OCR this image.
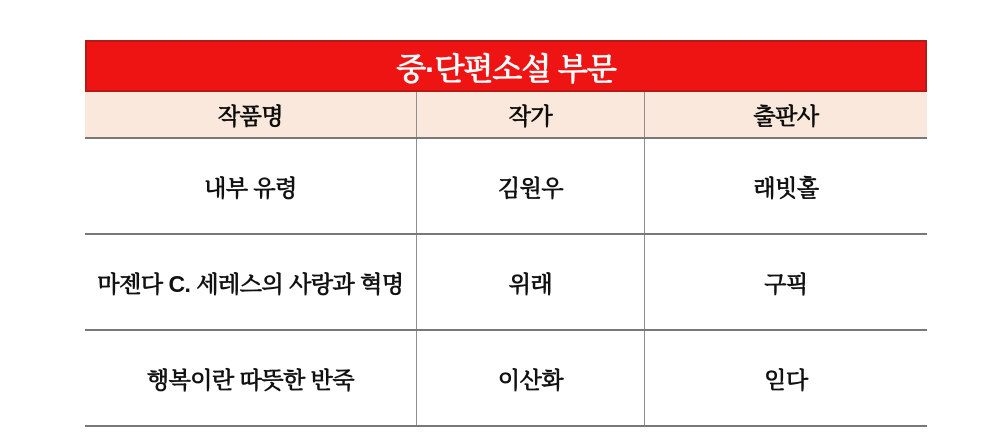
중·단편소설 부문
작품명	작가	출판사
내부 유령	김원우	래빗홀
마젠다 C. 세레스의 사랑과 혁명	위래	구픽
행복이란 따뜻한 반죽	이산화	읻다
